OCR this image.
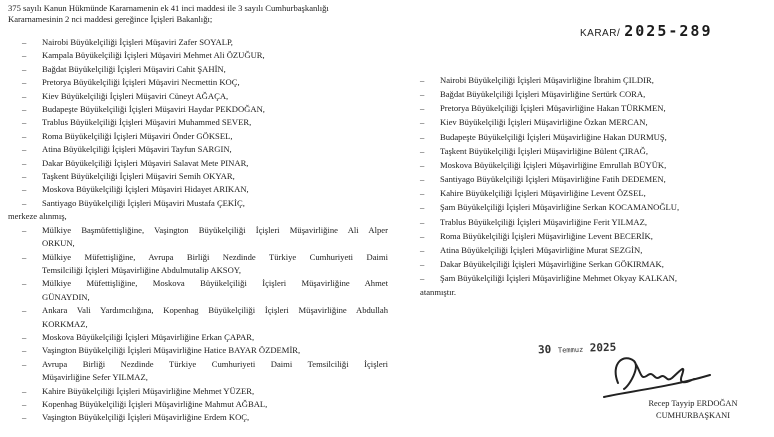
375 sayılı Kanun Hükmünde Kararnamenin ek 41 inci maddesi ile 3 sayılı Cumhurbaşkanlığı Kararnamesinin 2 nci maddesi gereğince İçişleri Bakanlığı;
– Nairobi Büyükelçiliği İçişleri Müşaviri Zafer SOYALP,
– Kampala Büyükelçiliği İçişleri Müşaviri Mehmet Ali ÖZUĞUR,
– Bağdat Büyükelçiliği İçişleri Müşaviri Cahit ŞAHİN,
– Pretorya Büyükelçiliği İçişleri Müşaviri Necmettin KOÇ,
– Kiev Büyükelçiliği İçişleri Müşaviri Cüneyt AĞAÇA,
– Budapeşte Büyükelçiliği İçişleri Müşaviri Haydar PEKDOĞAN,
– Trablus Büyükelçiliği İçişleri Müşaviri Muhammed SEVER,
– Roma Büyükelçiliği İçişleri Müşaviri Önder GÖKSEL,
– Atina Büyükelçiliği İçişleri Müşaviri Tayfun SARGIN,
– Dakar Büyükelçiliği İçişleri Müşaviri Salavat Mete PINAR,
– Taşkent Büyükelçiliği İçişleri Müşaviri Semih OKYAR,
– Moskova Büyükelçiliği İçişleri Müşaviri Hidayet ARIKAN,
– Santiyago Büyükelçiliği İçişleri Müşaviri Mustafa ÇEKİÇ,
merkeze alınmış,
– Mülkiye Başmüfettişliğine, Vaşington Büyükelçiliği İçişleri Müşavirliğine Ali Alper
ORKUN,
– Mülkiye Müfettişliğine, Avrupa Birliği Nezdinde Türkiye Cumhuriyeti Daimi
Temsilciliği İçişleri Müşavirliğine Abdulmutalip AKSOY,
– Mülkiye Müfettişliğine, Moskova Büyükelçiliği İçişleri Müşavirliğine Ahmet
GÜNAYDIN,
– Ankara Vali Yardımcılığına, Kopenhag Büyükelçiliği İçişleri Müşavirliğine Abdullah
KORKMAZ,
– Moskova Büyükelçiliği İçişleri Müşavirliğine Erkan ÇAPAR,
– Vaşington Büyükelçiliği İçişleri Müşavirliğine Hatice BAYAR ÖZDEMİR,
– Avrupa Birliği Nezdinde Türkiye Cumhuriyeti Daimi Temsilciliği İçişleri
Müşavirliğine Sefer YILMAZ,
– Kahire Büyükelçiliği İçişleri Müşavirliğine Mehmet YÜZER,
– Kopenhag Büyükelçiliği İçişleri Müşavirliğine Mahmut AĞBAL,
– Vaşington Büyükelçiliği İçişleri Müşavirliğine Erdem KOÇ,
KARAR/ 2025-289
– Nairobi Büyükelçiliği İçişleri Müşavirliğine İbrahim ÇILDIR,
– Bağdat Büyükelçiliği İçişleri Müşavirliğine Sertürk CORA,
– Pretorya Büyükelçiliği İçişleri Müşavirliğine Hakan TÜRKMEN,
– Kiev Büyükelçiliği İçişleri Müşavirliğine Özkan MERCAN,
– Budapeşte Büyükelçiliği İçişleri Müşavirliğine Hakan DURMUŞ,
– Taşkent Büyükelçiliği İçişleri Müşavirliğine Bülent ÇIRAĞ,
– Moskova Büyükelçiliği İçişleri Müşavirliğine Emrullah BÜYÜK,
– Santiyago Büyükelçiliği İçişleri Müşavirliğine Fatih DEDEMEN,
– Kahire Büyükelçiliği İçişleri Müşavirliğine Levent ÖZSEL,
– Şam Büyükelçiliği İçişleri Müşavirliğine Serkan KOCAMANOĞLU,
– Trablus Büyükelçiliği İçişleri Müşavirliğine Ferit YILMAZ,
– Roma Büyükelçiliği İçişleri Müşavirliğine Levent BECERİK,
– Atina Büyükelçiliği İçişleri Müşavirliğine Murat SEZGİN,
– Dakar Büyükelçiliği İçişleri Müşavirliğine Serkan GÖKIRMAK,
– Şam Büyükelçiliği İçişleri Müşavirliğine Mehmet Okyay KALKAN,
atanmıştır.
30 Temmuz 2025
Recep Tayyip ERDOĞAN
CUMHURBAŞKANI
